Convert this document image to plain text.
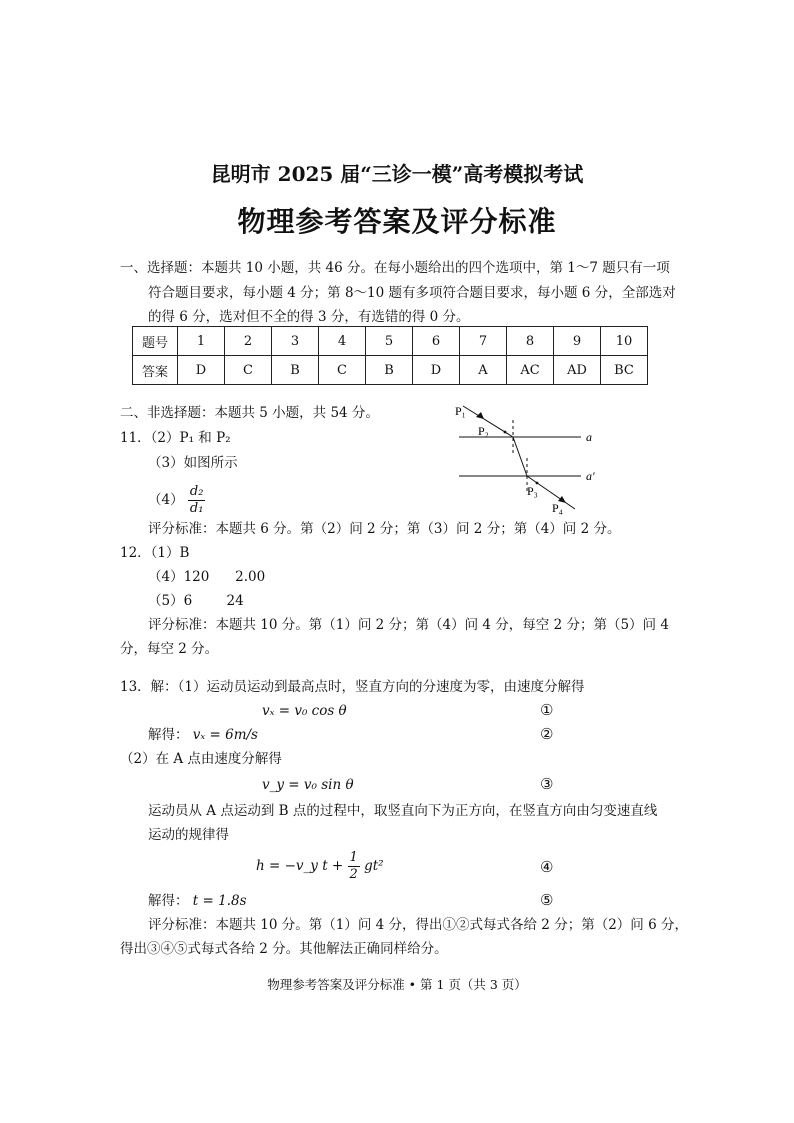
昆明市 2025 届“三诊一模”高考模拟考试
物理参考答案及评分标准
一、选择题：本题共 10 小题，共 46 分。在每小题给出的四个选项中，第 1～7 题只有一项
符合题目要求，每小题 4 分；第 8～10 题有多项符合题目要求，每小题 6 分，全部选对
的得 6 分，选对但不全的得 3 分，有选错的得 0 分。
题号	1	2	3	4	5	6	7	8	9	10
答案	D	C	B	C	B	D	A	AC	AD	BC
二、非选择题：本题共 5 小题，共 54 分。
11．（2）P₁ 和 P₂
（3）如图所示
$(4) \frac{\text{d₂}}{\text{d₁}}$
P₁
P₂
P₃
P₄
a
a′
评分标准：本题共 6 分。第（2）问 2 分；第（3）问 2 分；第（4）问 2 分。
12．（1）B
（4）120      2.00
（5）6        24
评分标准：本题共 10 分。第（1）问 2 分；第（4）问 4 分，每空 2 分；第（5）问 4
分，每空 2 分。
13．解：（1）运动员运动到最高点时，竖直方向的分速度为零，由速度分解得
vₓ = v₀ cos θ	①
解得： vₓ = 6m/s	②
（2）在 A 点由速度分解得
v_y = v₀ sin θ	③
运动员从 A 点运动到 B 点的过程中，取竖直向下为正方向，在竖直方向由匀变速直线
运动的规律得
h = −v_y $t + \frac{1}{2} gt^2$	④
解得： t = 1.8s	⑤
评分标准：本题共 10 分。第（1）问 4 分，得出①②式每式各给 2 分；第（2）问 6 分，
得出③④⑤式每式各给 2 分。其他解法正确同样给分。
物理参考答案及评分标准 • 第 1 页（共 3 页）
